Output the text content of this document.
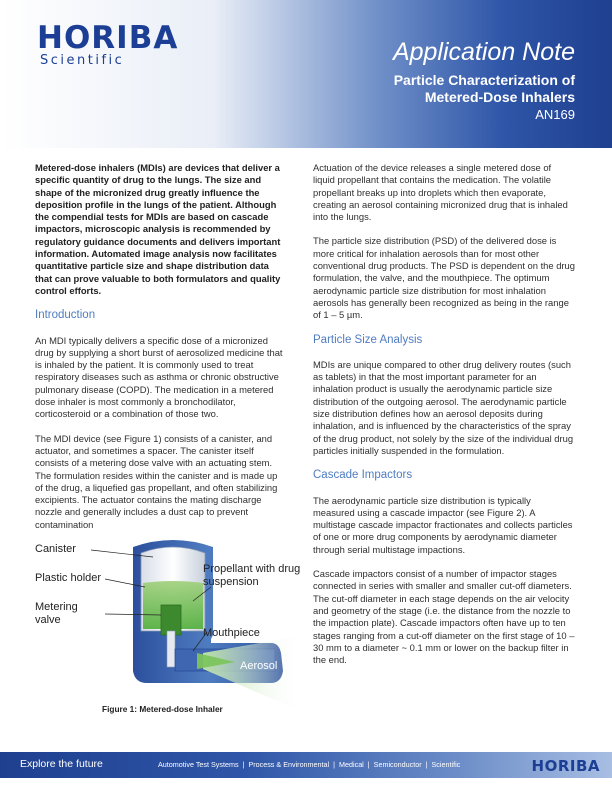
HORIBA
Scientific	Application Note
Particle Characterization of
Metered-Dose Inhalers
AN169

Metered-dose inhalers (MDIs) are devices that deliver a specific quantity of drug to the lungs. The size and shape of the micronized drug greatly influence the deposition profile in the lungs of the patient. Although the compendial tests for MDIs are based on cascade impactors, microscopic analysis is recommended by regulatory guidance documents and delivers important information. Automated image analysis now facilitates quantitative particle size and shape distribution data that can prove valuable to both formulators and quality control efforts.

Introduction

An MDI typically delivers a specific dose of a micronized drug by supplying a short burst of aerosolized medicine that is inhaled by the patient. It is commonly used to treat respiratory diseases such as asthma or chronic obstructive pulmonary disease (COPD). The medication in a metered dose inhaler is most commonly a bronchodilator, corticosteroid or a combination of those two.

The MDI device (see Figure 1) consists of a canister, and actuator, and sometimes a spacer. The canister itself consists of a metering dose valve with an actuating stem. The formulation resides within the canister and is made up of the drug, a liquefied gas propellant, and often stabilizing excipients. The actuator contains the mating discharge nozzle and generally includes a dust cap to prevent contamination

Canister
Plastic holder
Metering valve
Propellant with drug suspension
Mouthpiece
Aerosol
Figure 1: Metered-dose Inhaler

Actuation of the device releases a single metered dose of liquid propellant that contains the medication. The volatile propellant breaks up into droplets which then evaporate, creating an aerosol containing micronized drug that is inhaled into the lungs.

The particle size distribution (PSD) of the delivered dose is more critical for inhalation aerosols than for most other conventional drug products. The PSD is dependent on the drug formulation, the valve, and the mouthpiece. The optimum aerodynamic particle size distribution for most inhalation aerosols has generally been recognized as being in the range of 1 – 5 µm.

Particle Size Analysis

MDIs are unique compared to other drug delivery routes (such as tablets) in that the most important parameter for an inhalation product is usually the aerodynamic particle size distribution of the outgoing aerosol. The aerodynamic particle size distribution defines how an aerosol deposits during inhalation, and is influenced by the characteristics of the spray of the drug product, not solely by the size of the individual drug particles initially suspended in the formulation.

Cascade Impactors

The aerodynamic particle size distribution is typically measured using a cascade impactor (see Figure 2). A multistage cascade impactor fractionates and collects particles of one or more drug components by aerodynamic diameter through serial multistage impactions.

Cascade impactors consist of a number of impactor stages connected in series with smaller and smaller cut-off diameters. The cut-off diameter in each stage depends on the air velocity and geometry of the stage (i.e. the distance from the nozzle to the impaction plate). Cascade impactors often have up to ten stages ranging from a cut-off diameter on the first stage of 10 – 30 mm to a diameter ~ 0.1 mm or lower on the backup filter in the end.

Explore the future	Automotive Test Systems | Process & Environmental | Medical | Semiconductor | Scientific	HORIBA
